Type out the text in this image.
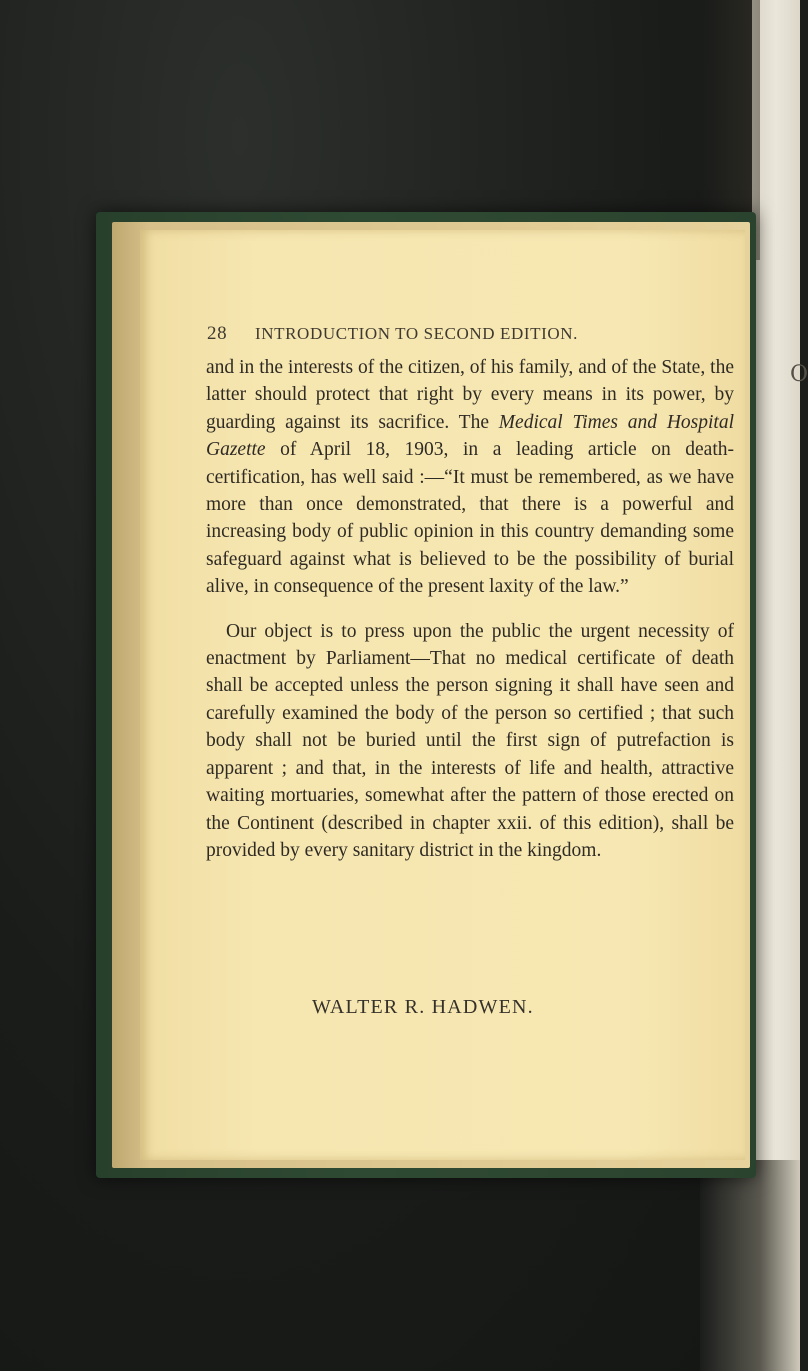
O
28 INTRODUCTION TO SECOND EDITION.

and in the interests of the citizen, of his family, and of the State, the latter should protect that right by every means in its power, by guarding against its sacrifice. The Medical Times and Hospital Gazette of April 18, 1903, in a leading article on death-certification, has well said :—“It must be remembered, as we have more than once demonstrated, that there is a powerful and increasing body of public opinion in this country demanding some safeguard against what is believed to be the possibility of burial alive, in consequence of the present laxity of the law.”

Our object is to press upon the public the urgent necessity of enactment by Parliament—That no medical certificate of death shall be accepted unless the person signing it shall have seen and carefully examined the body of the person so certified ; that such body shall not be buried until the first sign of putrefaction is apparent ; and that, in the interests of life and health, attractive waiting mortuaries, somewhat after the pattern of those erected on the Continent (described in chapter xxii. of this edition), shall be provided by every sanitary district in the kingdom.

WALTER R. HADWEN.
